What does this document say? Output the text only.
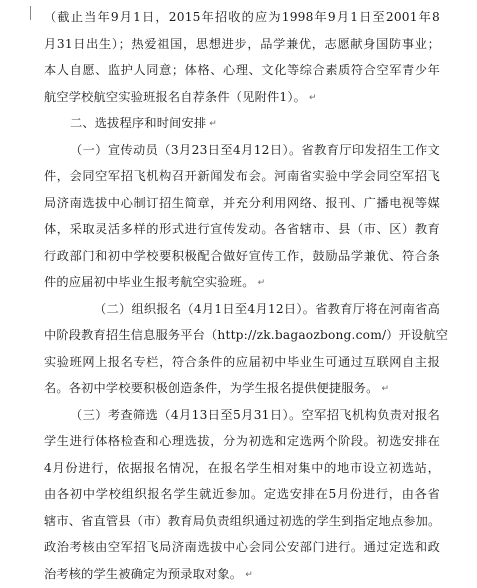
（截止当年9月1日，2015年招收的应为1998年9月1日至2001年8
月31日出生）；热爱祖国，思想进步，品学兼优，志愿献身国防事业；
本人自愿、监护人同意；体格、心理、文化等综合素质符合空军青少年
航空学校航空实验班报名自荐条件（见附件1）。 ↵
二、选拔程序和时间安排 ↵
（一）宣传动员（3月23日至4月12日）。省教育厅印发招生工作文
件，会同空军招飞机构召开新闻发布会。河南省实验中学会同空军招飞
局济南选拔中心制订招生简章，并充分利用网络、报刊、广播电视等媒
体，采取灵活多样的形式进行宣传发动。各省辖市、县（市、区）教育
行政部门和初中学校要积极配合做好宣传工作，鼓励品学兼优、符合条
件的应届初中毕业生报考航空实验班。 ↵
（二）组织报名（4月1日至4月12日）。省教育厅将在河南省高
中阶段教育招生信息服务平台（http://zk.bagaozbong.com/）开设航空
实验班网上报名专栏，符合条件的应届初中毕业生可通过互联网自主报
名。各初中学校要积极创造条件，为学生报名提供便捷服务。 ↵
（三）考查筛选（4月13日至5月31日）。空军招飞机构负责对报名
学生进行体格检查和心理选拔，分为初选和定选两个阶段。初选安排在
4月份进行，依据报名情况，在报名学生相对集中的地市设立初选站，
由各初中学校组织报名学生就近参加。定选安排在5月份进行，由各省
辖市、省直管县（市）教育局负责组织通过初选的学生到指定地点参加。
政治考核由空军招飞局济南选拔中心会同公安部门进行。通过定选和政
治考核的学生被确定为预录取对象。 ↵
